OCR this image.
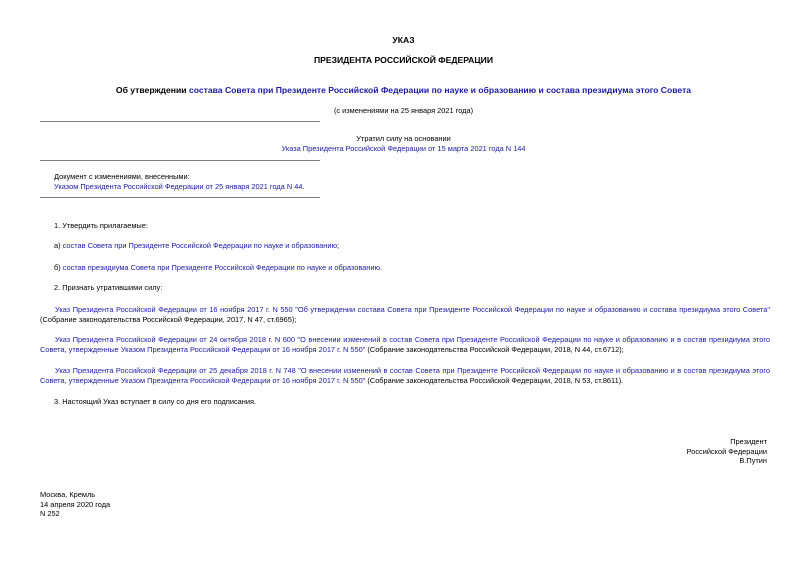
УКАЗ
ПРЕЗИДЕНТА РОССИЙСКОЙ ФЕДЕРАЦИИ
Об утверждении состава Совета при Президенте Российской Федерации по науке и образованию и состава президиума этого Совета
(с изменениями на 25 января 2021 года)
Утратил силу на основании
Указа Президента Российской Федерации от 15 марта 2021 года N 144
Документ с изменениями, внесенными:
Указом Президента Российской Федерации от 25 января 2021 года N 44.
1. Утвердить прилагаемые:
а) состав Совета при Президенте Российской Федерации по науке и образованию;
б) состав президиума Совета при Президенте Российской Федерации по науке и образованию.
2. Признать утратившими силу:
Указ Президента Российской Федерации от 16 ноября 2017 г. N 550 "Об утверждении состава Совета при Президенте Российской Федерации по науке и образованию и состава президиума этого Совета" (Собрание законодательства Российской Федерации, 2017, N 47, ст.6965);
Указ Президента Российской Федерации от 24 октября 2018 г. N 600 "О внесении изменений в состав Совета при Президенте Российской Федерации по науке и образованию и в состав президиума этого Совета, утвержденные Указом Президента Российской Федерации от 16 ноября 2017 г. N 550" (Собрание законодательства Российской Федерации, 2018, N 44, ст.6712);
Указ Президента Российской Федерации от 25 декабря 2018 г. N 748 "О внесении изменений в состав Совета при Президенте Российской Федерации по науке и образованию и в состав президиума этого Совета, утвержденные Указом Президента Российской Федерации от 16 ноября 2017 г. N 550" (Собрание законодательства Российской Федерации, 2018, N 53, ст.8611).
3. Настоящий Указ вступает в силу со дня его подписания.
Президент
Российской Федерации
В.Путин
Москва, Кремль
14 апреля 2020 года
N 252
